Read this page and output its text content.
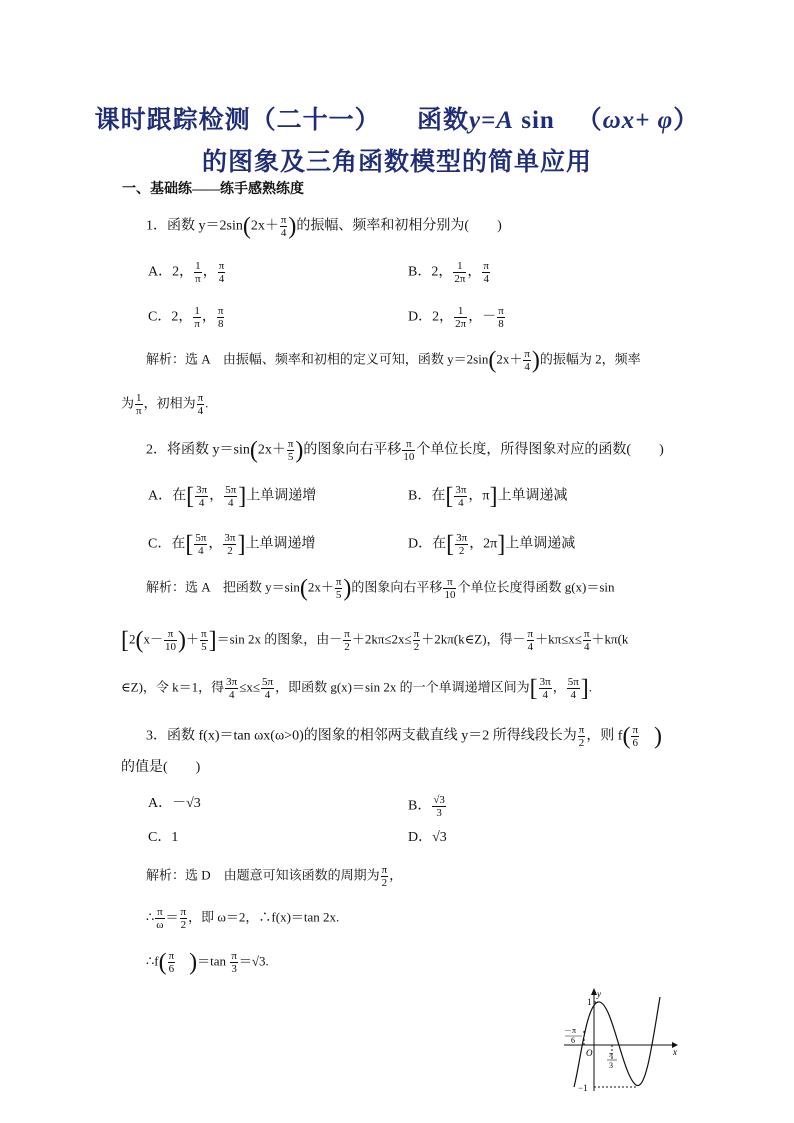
课时跟踪检测（二十一） 函数y=A sin （ωx+ φ）
的图象及三角函数模型的简单应用
一、基础练——练手感熟练度
1．函数 $y=2\sin(2x+ \frac{\pi}{4}$ )的振幅、频率和初相分别为(　　)
A．2， $\frac{1}{\pi}$ ， $\frac{\pi}{4}$	B．2， $\frac{1}{2\pi}$ ， $\frac{\pi}{4}$
C．2， $\frac{1}{\pi}$ ， $\frac{\pi}{8}$	D．2， $\frac{1}{2\pi}$ ，－ $\frac{\pi}{8}$
解析：选 A　由振幅、频率和初相的定义可知，函数 $y=2\sin(2x+ \frac{\pi}{4}$ )的振幅为 2，频率
为 $\frac{1}{\pi}$ ，初相为 $\frac{\pi}{4}$ .
2．将函数 $y=\sin(2x+ \frac{\pi}{5}$ )的图象向右平移 $\frac{\pi}{10}$ 个单位长度，所得图象对应的函数(　　)
A．在[ $\frac{3\pi}{4}$ ， $\frac{5\pi}{4}$ ]上单调递增	B．在[ $\frac{3\pi}{4}$ ，π]上单调递减
C．在[ $\frac{5\pi}{4}$ ， $\frac{3\pi}{2}$ ]上单调递增	D．在[ $\frac{3\pi}{2}$ ，2π]上单调递减
解析：选 A　把函数 $y=\sin(2x+ \frac{\pi}{5}$ )的图象向右平移 $\frac{\pi}{10}$ 个单位长度得函数 g(x)＝sin
[$2(x- \frac{\pi}{10}$ )＋ $\frac{\pi}{5} ]=\sin$ 2x 的图象，由－ $\frac{\pi}{2} +2k\pi\le 2x\le \frac{\pi}{2}$ ＋2kπ(k∈Z)，得－ $\frac{\pi}{4} +k\pi\le x\le \frac{\pi}{4} +k\pi(k$
∈Z)，令 k＝1，得 $\frac{3\pi}{4} \le x\le \frac{5\pi}{4}$ ，即函数 g(x)＝sin 2x 的一个单调递增区间为[ $\frac{3\pi}{4}$ ， $\frac{5\pi}{4}$ ].
3．函数 f(x)＝tan ωx(ω>0)的图象的相邻两支截直线 y＝2 所得线段长为 $\frac{\pi}{2}$ ，则 $f( \frac{\pi}{6}$ )
的值是(　　)
A．－√3	B． $\frac{√3}{3}$
C．1	D．√3
解析：选 D　由题意可知该函数的周期为 $\frac{\pi}{2}$ ，
∴ $\frac{\pi}{\omega} = \frac{\pi}{2}$ ，即 ω＝2，∴f(x)＝tan 2x.
∴f( $\frac{\pi}{6} )=\tan \frac{\pi}{3} =√3$.
y
x
O
1
−1
－π
6
π
3
